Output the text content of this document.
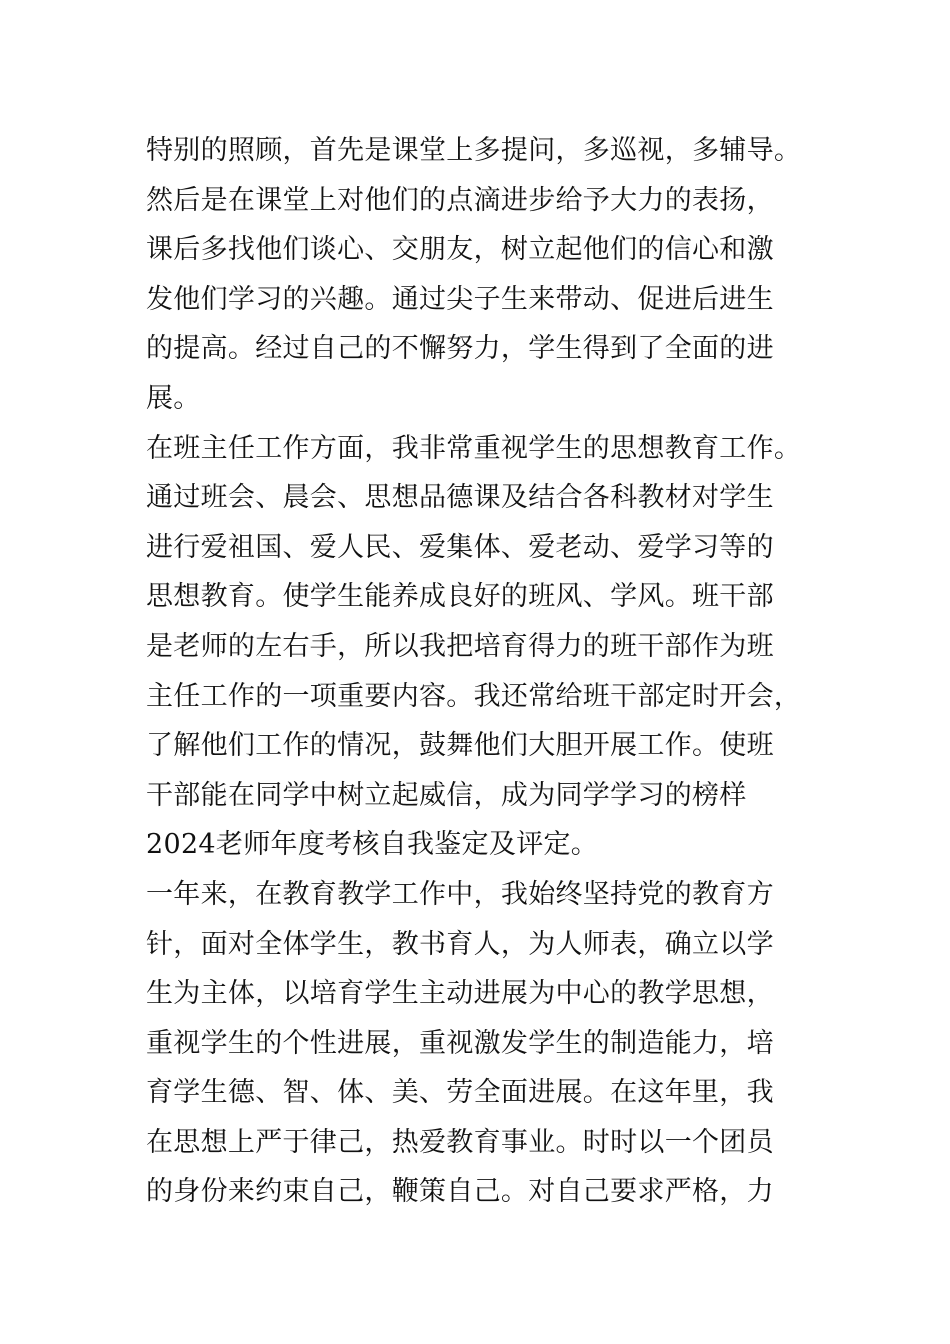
特别的照顾，首先是课堂上多提问，多巡视，多辅导。
然后是在课堂上对他们的点滴进步给予大力的表扬，
课后多找他们谈心、交朋友，树立起他们的信心和激
发他们学习的兴趣。通过尖子生来带动、促进后进生
的提高。经过自己的不懈努力，学生得到了全面的进
展。
在班主任工作方面，我非常重视学生的思想教育工作。
通过班会、晨会、思想品德课及结合各科教材对学生
进行爱祖国、爱人民、爱集体、爱老动、爱学习等的
思想教育。使学生能养成良好的班风、学风。班干部
是老师的左右手，所以我把培育得力的班干部作为班
主任工作的一项重要内容。我还常给班干部定时开会，
了解他们工作的情况，鼓舞他们大胆开展工作。使班
干部能在同学中树立起威信，成为同学学习的榜样
2024老师年度考核自我鉴定及评定。
一年来，在教育教学工作中，我始终坚持党的教育方
针，面对全体学生，教书育人，为人师表，确立以学
生为主体，以培育学生主动进展为中心的教学思想，
重视学生的个性进展，重视激发学生的制造能力，培
育学生德、智、体、美、劳全面进展。在这年里，我
在思想上严于律己，热爱教育事业。时时以一个团员
的身份来约束自己，鞭策自己。对自己要求严格，力
